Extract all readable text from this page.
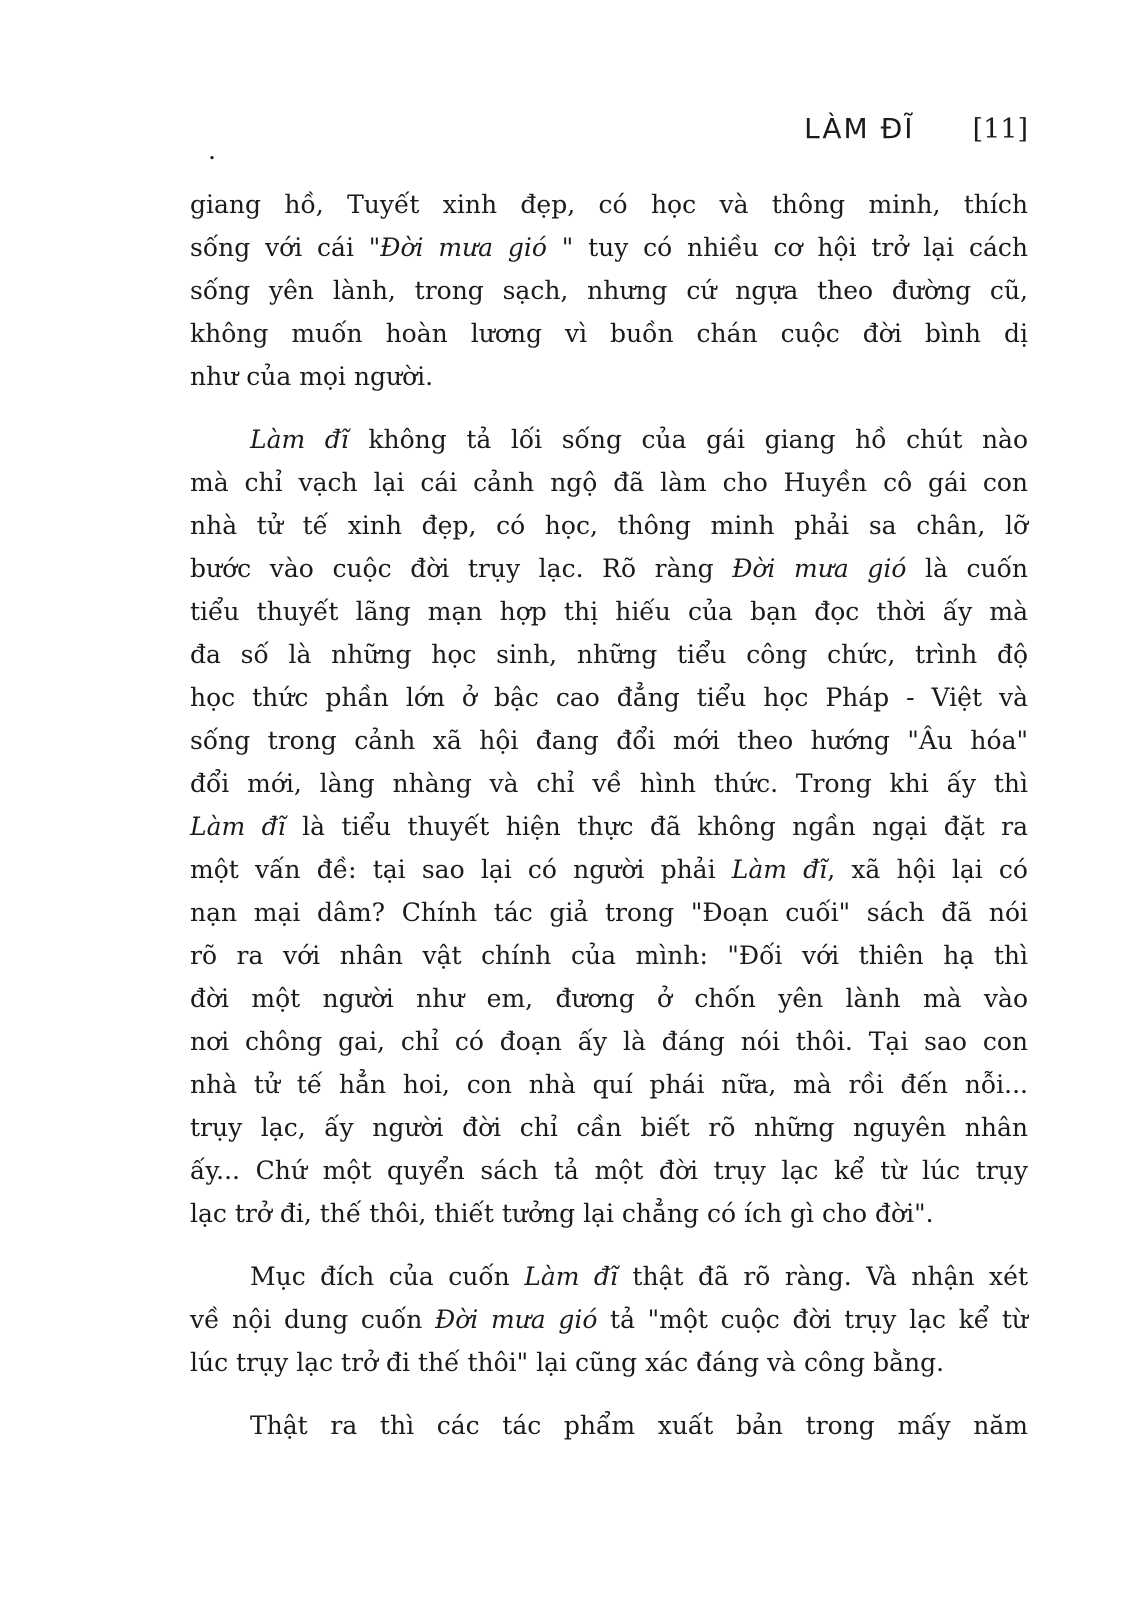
LÀM ĐĨ [11]
.
giang hồ, Tuyết xinh đẹp, có học và thông minh, thích
sống với cái "Đời mưa gió " tuy có nhiều cơ hội trở lại cách
sống yên lành, trong sạch, nhưng cứ ngựa theo đường cũ,
không muốn hoàn lương vì buồn chán cuộc đời bình dị
như của mọi người.
Làm đĩ không tả lối sống của gái giang hồ chút nào
mà chỉ vạch lại cái cảnh ngộ đã làm cho Huyền cô gái con
nhà tử tế xinh đẹp, có học, thông minh phải sa chân, lỡ
bước vào cuộc đời trụy lạc. Rõ ràng Đời mưa gió là cuốn
tiểu thuyết lãng mạn hợp thị hiếu của bạn đọc thời ấy mà
đa số là những học sinh, những tiểu công chức, trình độ
học thức phần lớn ở bậc cao đẳng tiểu học Pháp - Việt và
sống trong cảnh xã hội đang đổi mới theo hướng "Âu hóa"
đổi mới, làng nhàng và chỉ về hình thức. Trong khi ấy thì
Làm đĩ là tiểu thuyết hiện thực đã không ngần ngại đặt ra
một vấn đề: tại sao lại có người phải Làm đĩ, xã hội lại có
nạn mại dâm? Chính tác giả trong "Đoạn cuối" sách đã nói
rõ ra với nhân vật chính của mình: "Đối với thiên hạ thì
đời một người như em, đương ở chốn yên lành mà vào
nơi chông gai, chỉ có đoạn ấy là đáng nói thôi. Tại sao con
nhà tử tế hẳn hoi, con nhà quí phái nữa, mà rồi đến nỗi...
trụy lạc, ấy người đời chỉ cần biết rõ những nguyên nhân
ấy... Chứ một quyển sách tả một đời trụy lạc kể từ lúc trụy
lạc trở đi, thế thôi, thiết tưởng lại chẳng có ích gì cho đời".
Mục đích của cuốn Làm đĩ thật đã rõ ràng. Và nhận xét
về nội dung cuốn Đời mưa gió tả "một cuộc đời trụy lạc kể từ
lúc trụy lạc trở đi thế thôi" lại cũng xác đáng và công bằng.
Thật ra thì các tác phẩm xuất bản trong mấy năm
